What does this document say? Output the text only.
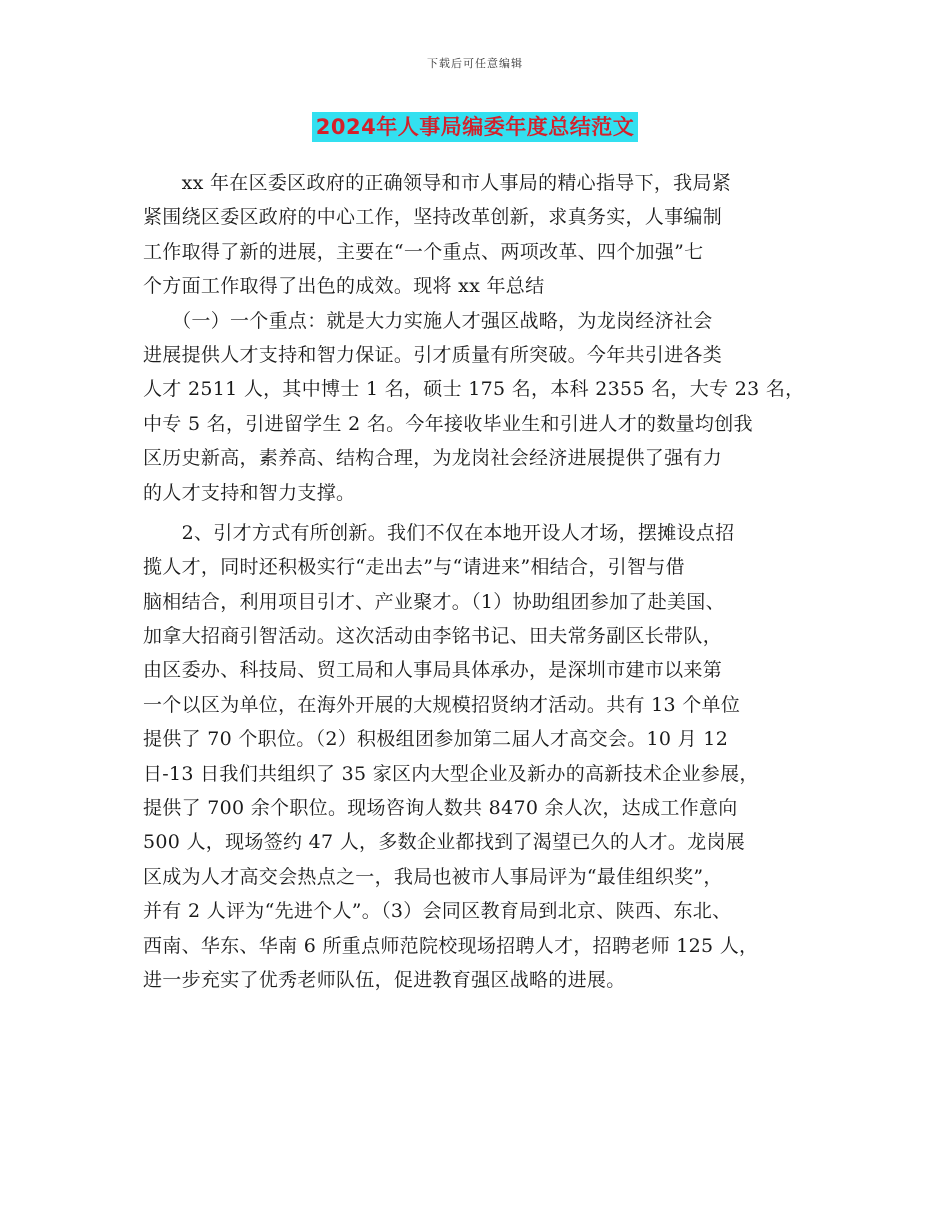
下载后可任意编辑
2024年人事局编委年度总结范文
　　xx 年在区委区政府的正确领导和市人事局的精心指导下，我局紧
紧围绕区委区政府的中心工作，坚持改革创新，求真务实，人事编制
工作取得了新的进展，主要在“一个重点、两项改革、四个加强”七
个方面工作取得了出色的成效。现将 xx 年总结
　　（一）一个重点：就是大力实施人才强区战略，为龙岗经济社会
进展提供人才支持和智力保证。引才质量有所突破。今年共引进各类
人才 2511 人，其中博士 1 名，硕士 175 名，本科 2355 名，大专 23 名，
中专 5 名，引进留学生 2 名。今年接收毕业生和引进人才的数量均创我
区历史新高，素养高、结构合理，为龙岗社会经济进展提供了强有力
的人才支持和智力支撑。
　　2、引才方式有所创新。我们不仅在本地开设人才场，摆摊设点招
揽人才，同时还积极实行“走出去”与“请进来”相结合，引智与借
脑相结合，利用项目引才、产业聚才。（1）协助组团参加了赴美国、
加拿大招商引智活动。这次活动由李铭书记、田夫常务副区长带队，
由区委办、科技局、贸工局和人事局具体承办，是深圳市建市以来第
一个以区为单位，在海外开展的大规模招贤纳才活动。共有 13 个单位
提供了 70 个职位。（2）积极组团参加第二届人才高交会。10 月 12
日-13 日我们共组织了 35 家区内大型企业及新办的高新技术企业参展，
提供了 700 余个职位。现场咨询人数共 8470 余人次，达成工作意向
500 人，现场签约 47 人，多数企业都找到了渴望已久的人才。龙岗展
区成为人才高交会热点之一，我局也被市人事局评为“最佳组织奖”，
并有 2 人评为“先进个人”。（3）会同区教育局到北京、陕西、东北、
西南、华东、华南 6 所重点师范院校现场招聘人才，招聘老师 125 人，
进一步充实了优秀老师队伍，促进教育强区战略的进展。
